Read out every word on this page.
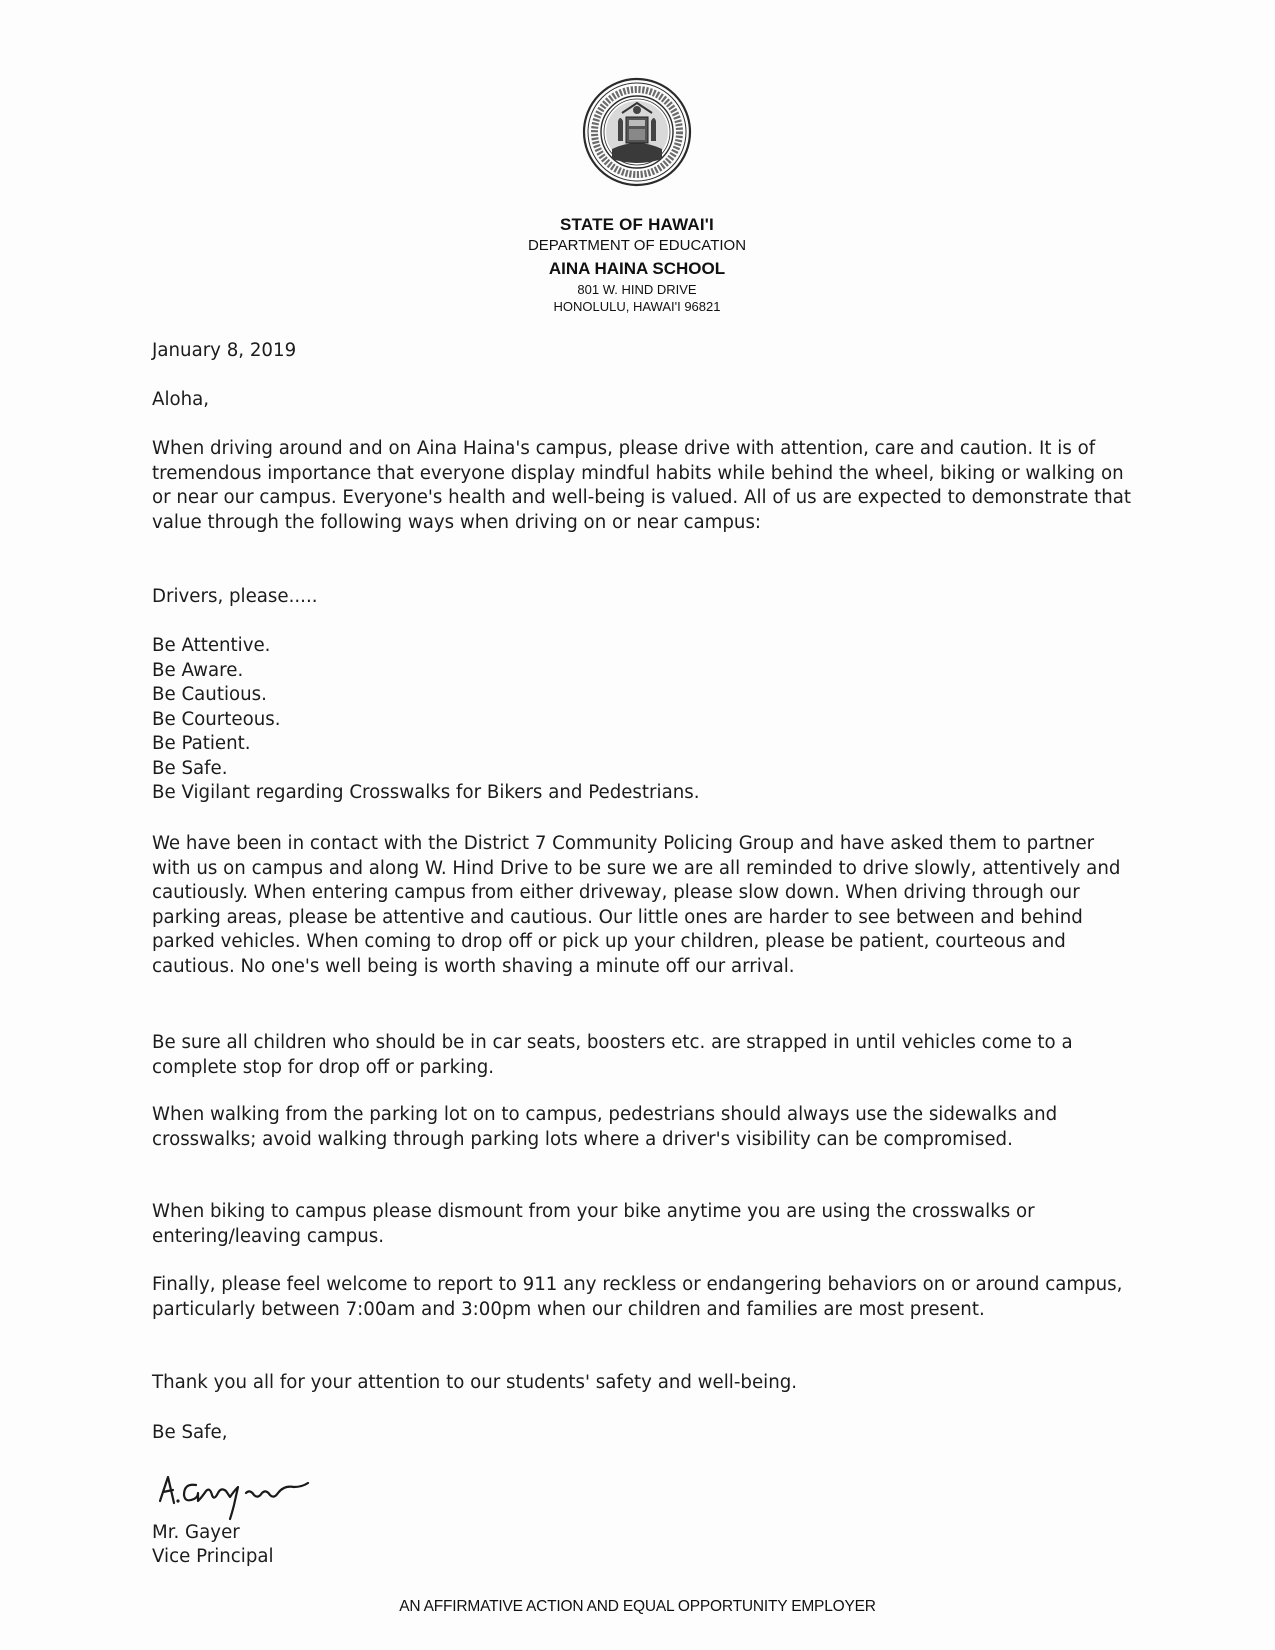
STATE OF HAWAI'I
DEPARTMENT OF EDUCATION
AINA HAINA SCHOOL
801 W. HIND DRIVE
HONOLULU, HAWAI'I 96821
January 8, 2019
Aloha,

When driving around and on Aina Haina's campus, please drive with attention, care and caution. It is of tremendous importance that everyone display mindful habits while behind the wheel, biking or walking on or near our campus. Everyone's health and well-being is valued. All of us are expected to demonstrate that value through the following ways when driving on or near campus:

Drivers, please.....
Be Attentive.
Be Aware.
Be Cautious.
Be Courteous.
Be Patient.
Be Safe.
Be Vigilant regarding Crosswalks for Bikers and Pedestrians.

We have been in contact with the District 7 Community Policing Group and have asked them to partner with us on campus and along W. Hind Drive to be sure we are all reminded to drive slowly, attentively and cautiously. When entering campus from either driveway, please slow down. When driving through our parking areas, please be attentive and cautious. Our little ones are harder to see between and behind parked vehicles. When coming to drop off or pick up your children, please be patient, courteous and cautious. No one's well being is worth shaving a minute off our arrival.

Be sure all children who should be in car seats, boosters etc. are strapped in until vehicles come to a complete stop for drop off or parking.

When walking from the parking lot on to campus, pedestrians should always use the sidewalks and crosswalks; avoid walking through parking lots where a driver's visibility can be compromised.

When biking to campus please dismount from your bike anytime you are using the crosswalks or entering/leaving campus.

Finally, please feel welcome to report to 911 any reckless or endangering behaviors on or around campus, particularly between 7:00am and 3:00pm when our children and families are most present.

Thank you all for your attention to our students' safety and well-being.

Be Safe,
Mr. Gayer
Vice Principal
AN AFFIRMATIVE ACTION AND EQUAL OPPORTUNITY EMPLOYER
